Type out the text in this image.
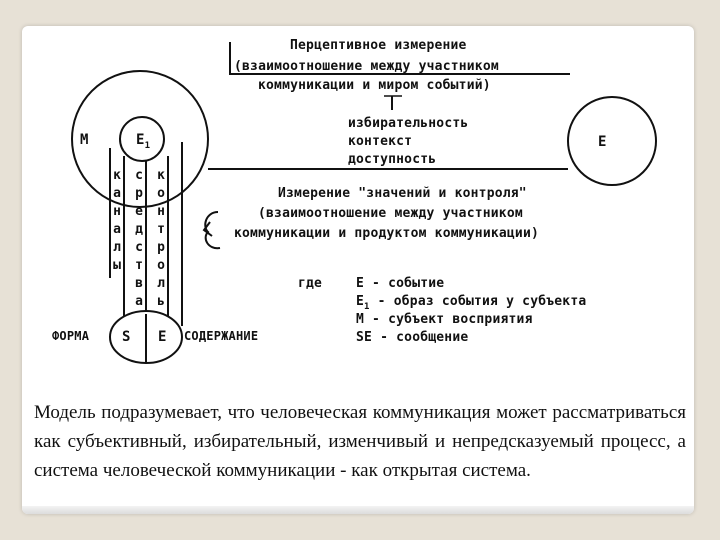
Перцептивное измерение
(взаимоотношение между участником
коммуникации и миром событий)
избирательность
контекст
доступность
Измерение "значений и контроля"
(взаимоотношение между участником
коммуникации и продуктом коммуникации)
М	$Е_1$	Е
к
а
н
а
л
ы
с
р
е
д
с
т
в
а
к
о
н
т
р
о
л
ь
ФОРМА S Е СОДЕРЖАНИЕ
где	Е - событие
$Е_1$ - образ события у субъекта
М - субъект восприятия
SE - сообщение
Модель подразумевает, что человеческая коммуникация может рассматриваться как субъективный, избирательный, изменчивый и непредсказуемый процесс, а система человеческой коммуникации - как открытая система.
